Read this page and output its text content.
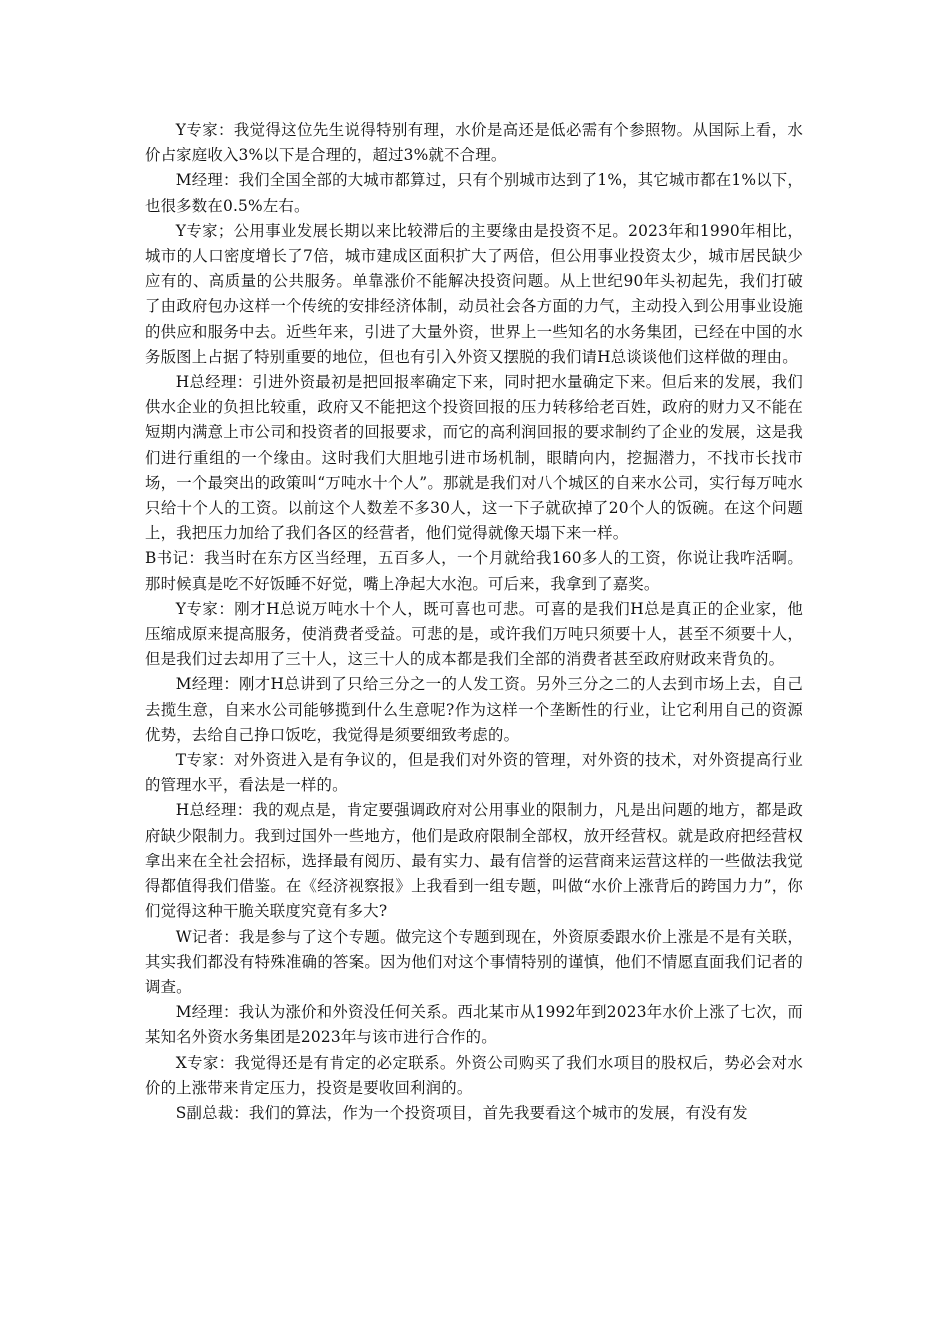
Y专家：我觉得这位先生说得特别有理，水价是高还是低必需有个参照物。从国际上看，水价占家庭收入3%以下是合理的，超过3%就不合理。

M经理：我们全国全部的大城市都算过，只有个别城市达到了1%，其它城市都在1%以下，也很多数在0.5%左右。

Y专家；公用事业发展长期以来比较滞后的主要缘由是投资不足。2023年和1990年相比，城市的人口密度增长了7倍，城市建成区面积扩大了两倍，但公用事业投资太少，城市居民缺少应有的、高质量的公共服务。单靠涨价不能解决投资问题。从上世纪90年头初起先，我们打破了由政府包办这样一个传统的安排经济体制，动员社会各方面的力气，主动投入到公用事业设施的供应和服务中去。近些年来，引进了大量外资，世界上一些知名的水务集团，已经在中国的水务版图上占据了特别重要的地位，但也有引入外资又摆脱的我们请H总谈谈他们这样做的理由。

H总经理：引进外资最初是把回报率确定下来，同时把水量确定下来。但后来的发展，我们供水企业的负担比较重，政府又不能把这个投资回报的压力转移给老百姓，政府的财力又不能在短期内满意上市公司和投资者的回报要求，而它的高利润回报的要求制约了企业的发展，这是我们进行重组的一个缘由。这时我们大胆地引进市场机制，眼睛向内，挖掘潜力，不找市长找市场，一个最突出的政策叫“万吨水十个人”。那就是我们对八个城区的自来水公司，实行每万吨水只给十个人的工资。以前这个人数差不多30人，这一下子就砍掉了20个人的饭碗。在这个问题上，我把压力加给了我们各区的经营者，他们觉得就像天塌下来一样。

B书记：我当时在东方区当经理，五百多人，一个月就给我160多人的工资，你说让我咋活啊。那时候真是吃不好饭睡不好觉，嘴上净起大水泡。可后来，我拿到了嘉奖。

Y专家：刚才H总说万吨水十个人，既可喜也可悲。可喜的是我们H总是真正的企业家，他压缩成原来提高服务，使消费者受益。可悲的是，或许我们万吨只须要十人，甚至不须要十人，但是我们过去却用了三十人，这三十人的成本都是我们全部的消费者甚至政府财政来背负的。

M经理：刚才H总讲到了只给三分之一的人发工资。另外三分之二的人去到市场上去，自己去揽生意，自来水公司能够揽到什么生意呢?作为这样一个垄断性的行业，让它利用自己的资源优势，去给自己挣口饭吃，我觉得是须要细致考虑的。

T专家：对外资进入是有争议的，但是我们对外资的管理，对外资的技术，对外资提高行业的管理水平，看法是一样的。

H总经理：我的观点是，肯定要强调政府对公用事业的限制力，凡是出问题的地方，都是政府缺少限制力。我到过国外一些地方，他们是政府限制全部权，放开经营权。就是政府把经营权拿出来在全社会招标，选择最有阅历、最有实力、最有信誉的运营商来运营这样的一些做法我觉得都值得我们借鉴。在《经济视察报》上我看到一组专题，叫做“水价上涨背后的跨国力力”，你们觉得这种干脆关联度究竟有多大?

W记者：我是参与了这个专题。做完这个专题到现在，外资原委跟水价上涨是不是有关联，其实我们都没有特殊准确的答案。因为他们对这个事情特别的谨慎，他们不情愿直面我们记者的调查。

M经理：我认为涨价和外资没任何关系。西北某市从1992年到2023年水价上涨了七次，而某知名外资水务集团是2023年与该市进行合作的。

X专家：我觉得还是有肯定的必定联系。外资公司购买了我们水项目的股权后，势必会对水价的上涨带来肯定压力，投资是要收回利润的。

S副总裁：我们的算法，作为一个投资项目，首先我要看这个城市的发展，有没有发
